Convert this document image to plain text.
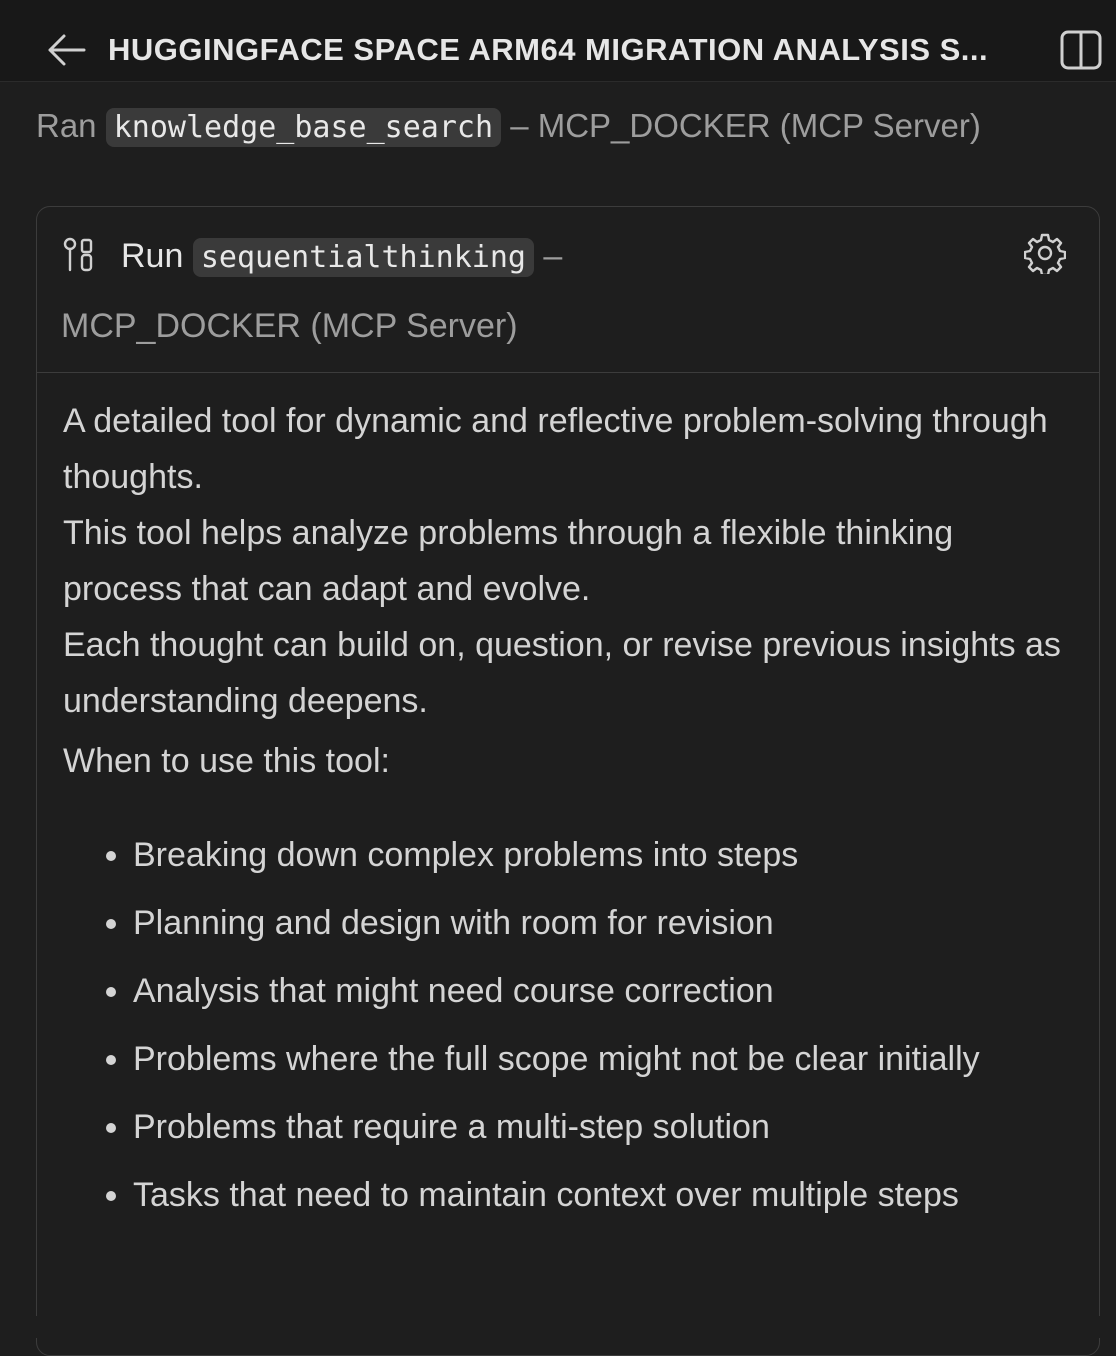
HUGGINGFACE SPACE ARM64 MIGRATION ANALYSIS S...
Ran knowledge_base_search – MCP_DOCKER (MCP Server)
Run sequentialthinking –
MCP_DOCKER (MCP Server)

A detailed tool for dynamic and reflective problem-solving through thoughts.

This tool helps analyze problems through a flexible thinking process that can adapt and evolve.

Each thought can build on, question, or revise previous insights as understanding deepens.

When to use this tool:

• Breaking down complex problems into steps
• Planning and design with room for revision
• Analysis that might need course correction
• Problems where the full scope might not be clear initially
• Problems that require a multi-step solution
• Tasks that need to maintain context over multiple steps
